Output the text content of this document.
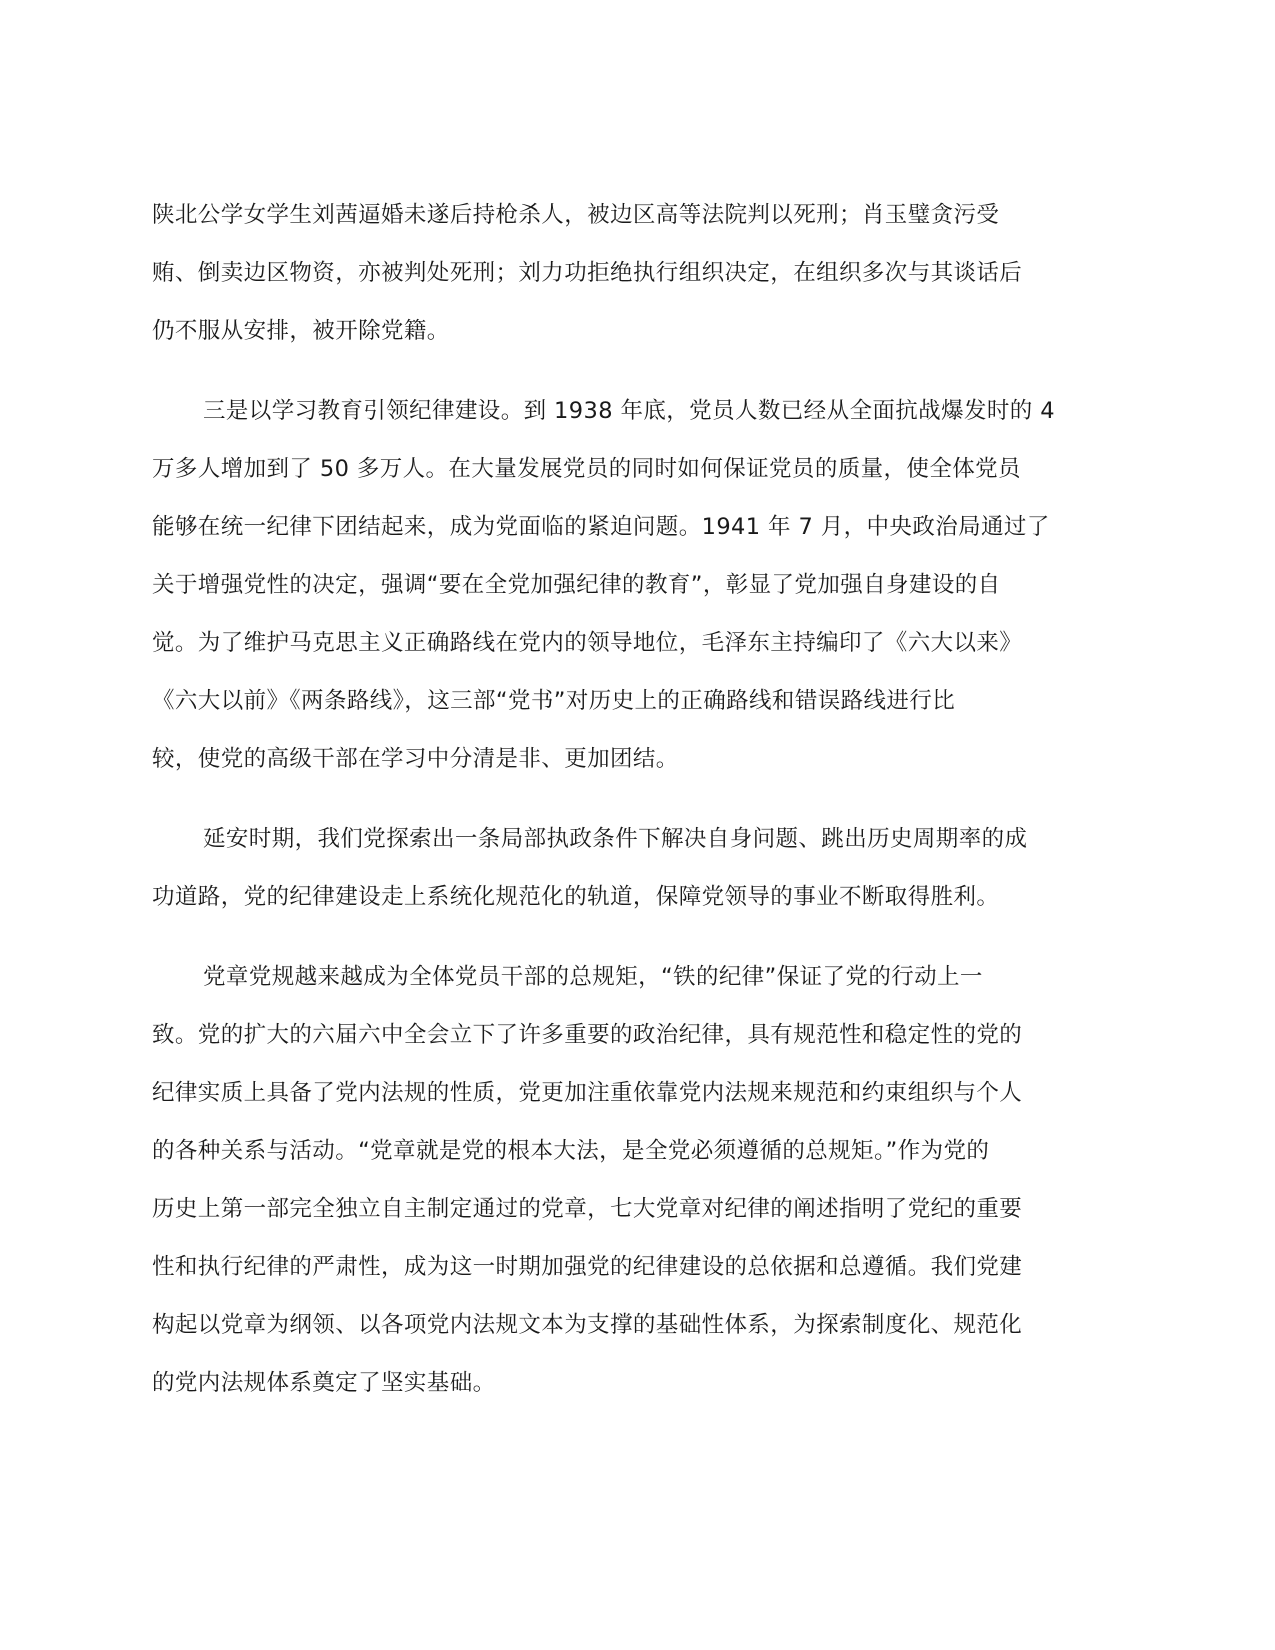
陕北公学女学生刘茜逼婚未遂后持枪杀人，被边区高等法院判以死刑；肖玉璧贪污受
贿、倒卖边区物资，亦被判处死刑；刘力功拒绝执行组织决定，在组织多次与其谈话后
仍不服从安排，被开除党籍。
三是以学习教育引领纪律建设。到 1938 年底，党员人数已经从全面抗战爆发时的 4
万多人增加到了 50 多万人。在大量发展党员的同时如何保证党员的质量，使全体党员
能够在统一纪律下团结起来，成为党面临的紧迫问题。1941 年 7 月，中央政治局通过了
关于增强党性的决定，强调“要在全党加强纪律的教育”，彰显了党加强自身建设的自
觉。为了维护马克思主义正确路线在党内的领导地位，毛泽东主持编印了《六大以来》
《六大以前》《两条路线》，这三部“党书”对历史上的正确路线和错误路线进行比
较，使党的高级干部在学习中分清是非、更加团结。
延安时期，我们党探索出一条局部执政条件下解决自身问题、跳出历史周期率的成
功道路，党的纪律建设走上系统化规范化的轨道，保障党领导的事业不断取得胜利。
党章党规越来越成为全体党员干部的总规矩，“铁的纪律”保证了党的行动上一
致。党的扩大的六届六中全会立下了许多重要的政治纪律，具有规范性和稳定性的党的
纪律实质上具备了党内法规的性质，党更加注重依靠党内法规来规范和约束组织与个人
的各种关系与活动。“党章就是党的根本大法，是全党必须遵循的总规矩。”作为党的
历史上第一部完全独立自主制定通过的党章，七大党章对纪律的阐述指明了党纪的重要
性和执行纪律的严肃性，成为这一时期加强党的纪律建设的总依据和总遵循。我们党建
构起以党章为纲领、以各项党内法规文本为支撑的基础性体系，为探索制度化、规范化
的党内法规体系奠定了坚实基础。
